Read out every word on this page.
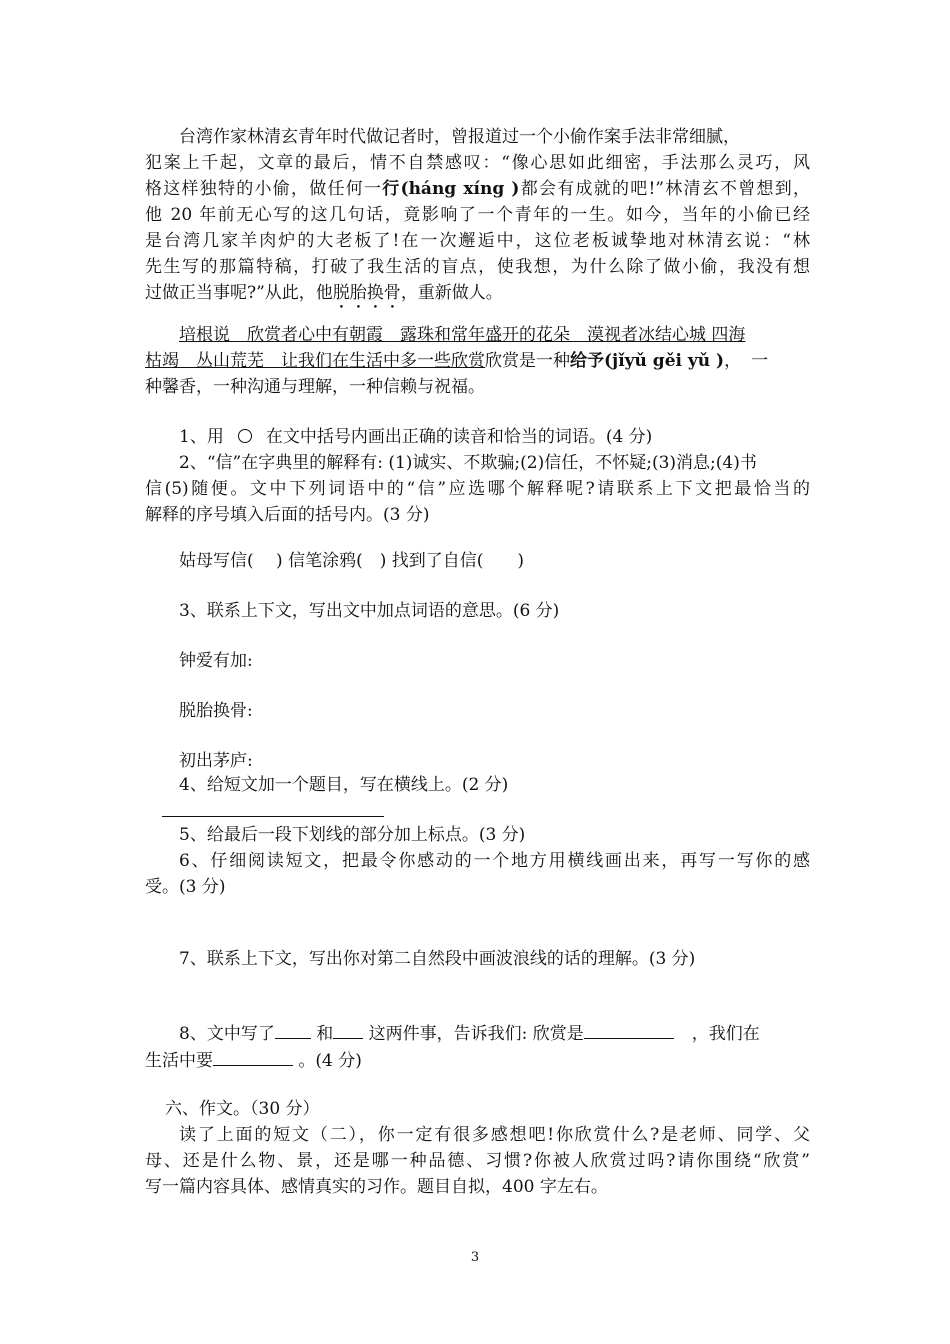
台湾作家林清玄青年时代做记者时，曾报道过一个小偷作案手法非常细腻，
犯案上千起，文章的最后，情不自禁感叹：“像心思如此细密，手法那么灵巧，风
格这样独特的小偷，做任何一行(háng xíng )都会有成就的吧!”林清玄不曾想到，
他 20 年前无心写的这几句话，竟影响了一个青年的一生。如今，当年的小偷已经
是台湾几家羊肉炉的大老板了!在一次邂逅中，这位老板诚挚地对林清玄说：“林
先生写的那篇特稿，打破了我生活的盲点，使我想，为什么除了做小偷，我没有想
过做正当事呢?”从此，他脱胎换骨，重新做人。
培根说　欣赏者心中有朝霞　露珠和常年盛开的花朵　漠视者冰结心城 四海
枯竭　丛山荒芜　让我们在生活中多一些欣赏欣赏是一种给予(jǐyǔ gěi yǔ )，一
种馨香，一种沟通与理解，一种信赖与祝福。
1、用 在文中括号内画出正确的读音和恰当的词语。(4 分)
2、“信”在字典里的解释有: (1)诚实、不欺骗;(2)信任，不怀疑;(3)消息;(4)书
信(5)随便。文中下列词语中的“信”应选哪个解释呢?请联系上下文把最恰当的
解释的序号填入后面的括号内。(3 分)
姑母写信(　 ) 信笔涂鸦(　) 找到了自信(　　)
3、联系上下文，写出文中加点词语的意思。(6 分)
钟爱有加:
脱胎换骨:
初出茅庐:
4、给短文加一个题目，写在横线上。(2 分)
5、给最后一段下划线的部分加上标点。(3 分)
6、仔细阅读短文，把最令你感动的一个地方用横线画出来，再写一写你的感
受。(3 分)
7、联系上下文，写出你对第二自然段中画波浪线的话的理解。(3 分)
8、文中写了 和 这两件事，告诉我们: 欣赏是	，我们在
生活中要	。(4 分)
六、作文。（30 分）
读了上面的短文（二），你一定有很多感想吧!你欣赏什么?是老师、同学、父
母、还是什么物、景，还是哪一种品德、习惯?你被人欣赏过吗?请你围绕“欣赏”
写一篇内容具体、感情真实的习作。题目自拟，400 字左右。
3
